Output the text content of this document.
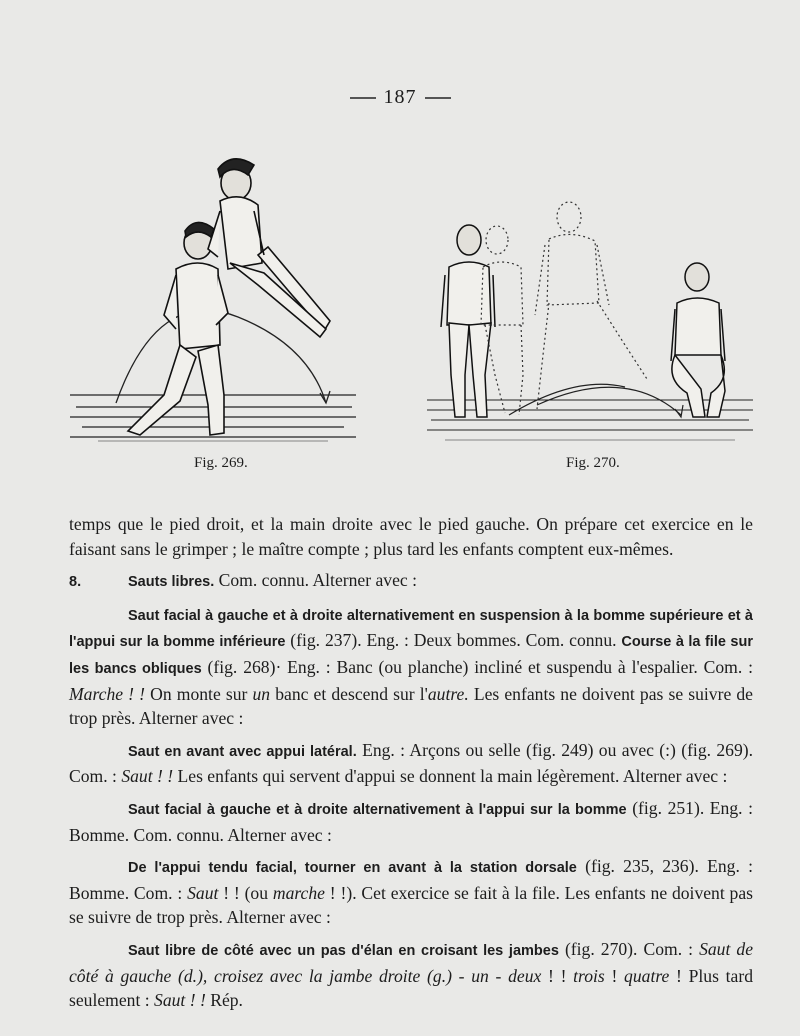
187
Fig. 269.	Fig. 270.

temps que le pied droit, et la main droite avec le pied gauche. On prépare cet exercice en le faisant sans le grimper ; le maître compte ; plus tard les enfants comptent eux-mêmes.

8.	Sauts libres. Com. connu. Alterner avec :

Saut facial à gauche et à droite alternativement en suspension à la bomme supérieure et à l'appui sur la bomme inférieure (fig. 237). Eng. : Deux bommes. Com. connu. Course à la file sur les bancs obliques (fig. 268)· Eng. : Banc (ou planche) incliné et suspendu à l'espalier. Com. : Marche ! ! On monte sur un banc et descend sur l'autre. Les enfants ne doivent pas se suivre de trop près. Alterner avec :

Saut en avant avec appui latéral. Eng. : Arçons ou selle (fig. 249) ou avec (:) (fig. 269). Com. : Saut ! ! Les enfants qui servent d'appui se donnent la main légèrement. Alterner avec :

Saut facial à gauche et à droite alternativement à l'appui sur la bomme (fig. 251). Eng. : Bomme. Com. connu. Alterner avec :

De l'appui tendu facial, tourner en avant à la station dorsale (fig. 235, 236). Eng. : Bomme. Com. : Saut ! ! (ou marche ! !). Cet exercice se fait à la file. Les enfants ne doivent pas se suivre de trop près. Alterner avec :

Saut libre de côté avec un pas d'élan en croisant les jambes (fig. 270). Com. : Saut de côté à gauche (d.), croisez avec la jambe droite (g.) - un - deux ! ! trois ! quatre ! Plus tard seulement : Saut ! ! Rép.
